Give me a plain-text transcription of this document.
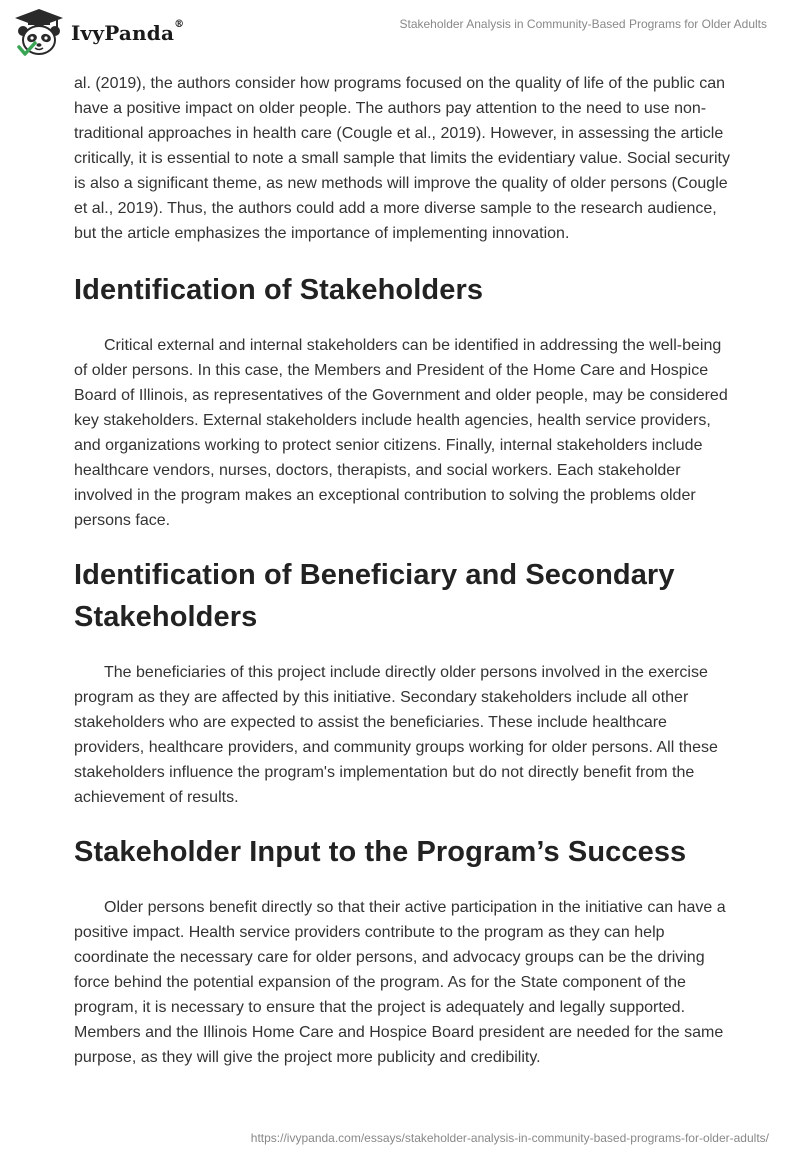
IvyPanda®	Stakeholder Analysis in Community-Based Programs for Older Adults

al. (2019), the authors consider how programs focused on the quality of life of the public can have a positive impact on older people. The authors pay attention to the need to use non-traditional approaches in health care (Cougle et al., 2019). However, in assessing the article critically, it is essential to note a small sample that limits the evidentiary value. Social security is also a significant theme, as new methods will improve the quality of older persons (Cougle et al., 2019). Thus, the authors could add a more diverse sample to the research audience, but the article emphasizes the importance of implementing innovation.

Identification of Stakeholders

Critical external and internal stakeholders can be identified in addressing the well-being of older persons. In this case, the Members and President of the Home Care and Hospice Board of Illinois, as representatives of the Government and older people, may be considered key stakeholders. External stakeholders include health agencies, health service providers, and organizations working to protect senior citizens. Finally, internal stakeholders include healthcare vendors, nurses, doctors, therapists, and social workers. Each stakeholder involved in the program makes an exceptional contribution to solving the problems older persons face.

Identification of Beneficiary and Secondary Stakeholders

The beneficiaries of this project include directly older persons involved in the exercise program as they are affected by this initiative. Secondary stakeholders include all other stakeholders who are expected to assist the beneficiaries. These include healthcare providers, healthcare providers, and community groups working for older persons. All these stakeholders influence the program's implementation but do not directly benefit from the achievement of results.

Stakeholder Input to the Program’s Success

Older persons benefit directly so that their active participation in the initiative can have a positive impact. Health service providers contribute to the program as they can help coordinate the necessary care for older persons, and advocacy groups can be the driving force behind the potential expansion of the program. As for the State component of the program, it is necessary to ensure that the project is adequately and legally supported. Members and the Illinois Home Care and Hospice Board president are needed for the same purpose, as they will give the project more publicity and credibility.

https://ivypanda.com/essays/stakeholder-analysis-in-community-based-programs-for-older-adults/
